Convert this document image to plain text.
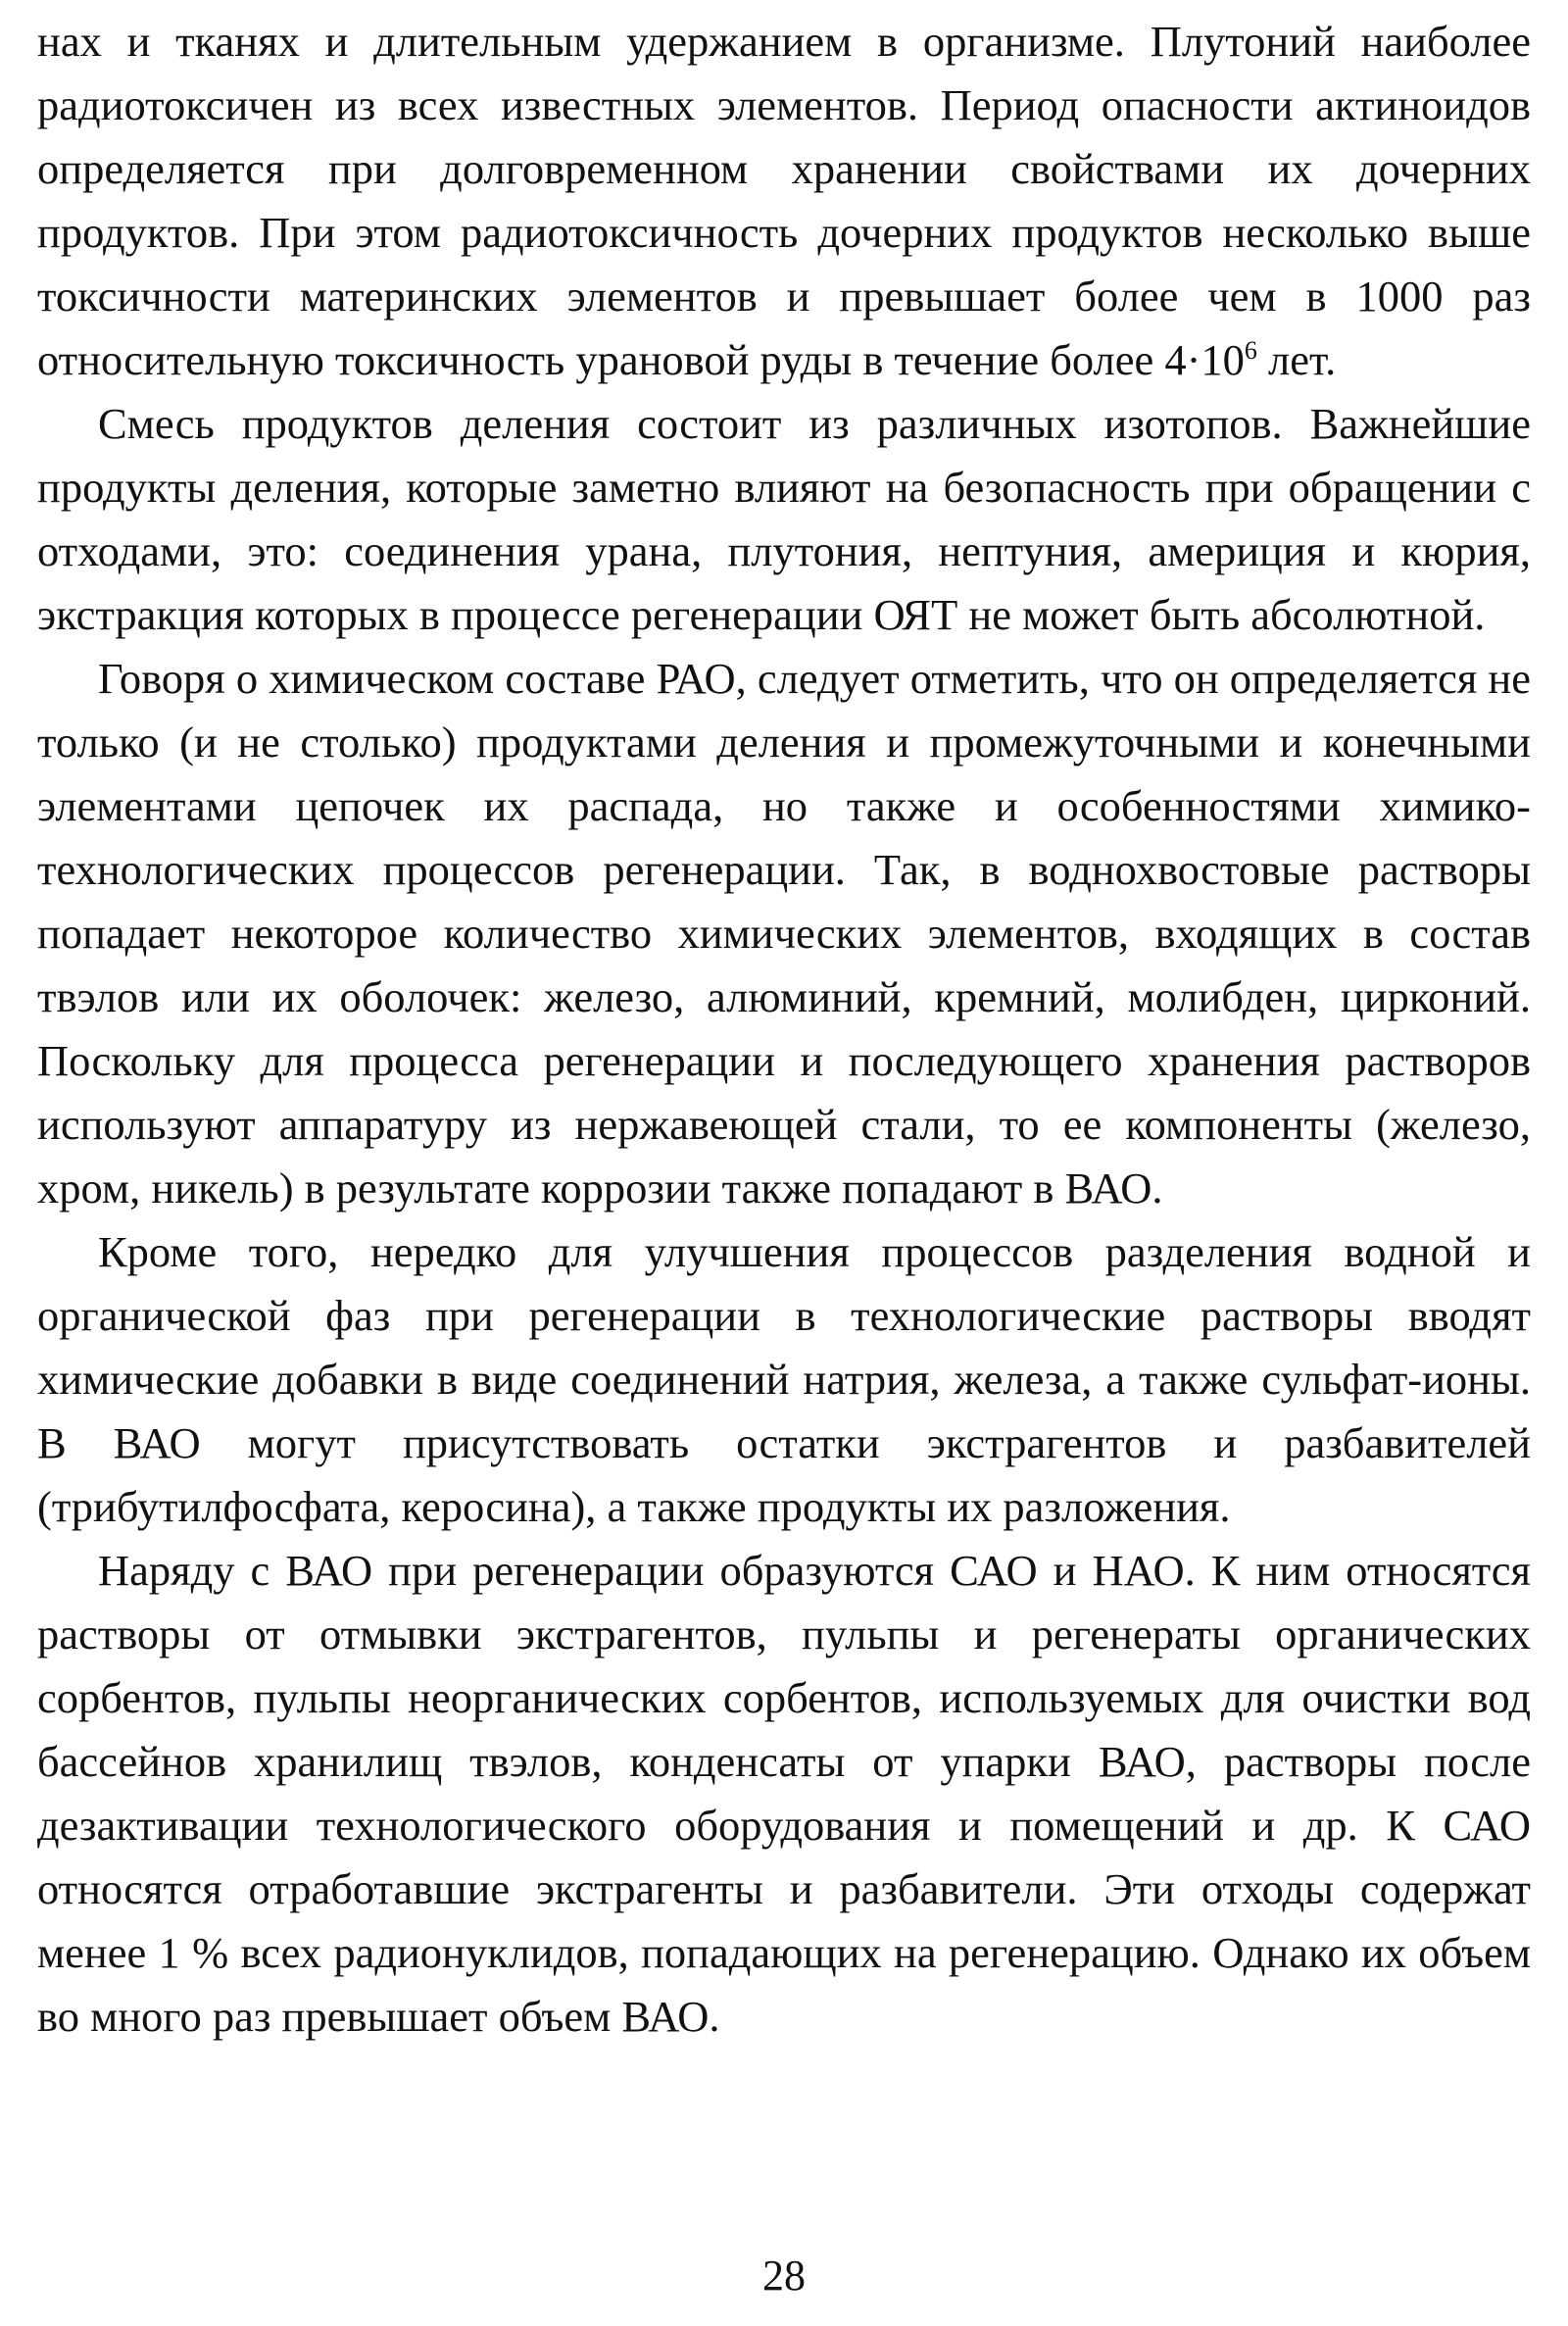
нах и тканях и длительным удержанием в организме. Плутоний наиболее радиотоксичен из всех известных элементов. Период опасности актиноидов определяется при долговременном хранении свойствами их дочерних продуктов. При этом радиотоксичность дочерних продуктов несколько выше токсичности материнских элементов и превышает более чем в 1000 раз относительную токсичность урановой руды в течение более $4\cdot 10^6$ лет.

Смесь продуктов деления состоит из различных изотопов. Важнейшие продукты деления, которые заметно влияют на безопасность при обращении с отходами, это: соединения урана, плутония, нептуния, америция и кюрия, экстракция которых в процессе регенерации ОЯТ не может быть абсолютной.

Говоря о химическом составе РАО, следует отметить, что он определяется не только (и не столько) продуктами деления и промежуточными и конечными элементами цепочек их распада, но также и особенностями химико-технологических процессов регенерации. Так, в воднохвостовые растворы попадает некоторое количество химических элементов, входящих в состав твэлов или их оболочек: железо, алюминий, кремний, молибден, цирконий. Поскольку для процесса регенерации и последующего хранения растворов используют аппаратуру из нержавеющей стали, то ее компоненты (железо, хром, никель) в результате коррозии также попадают в ВАО.

Кроме того, нередко для улучшения процессов разделения водной и органической фаз при регенерации в технологические растворы вводят химические добавки в виде соединений натрия, железа, а также сульфат-ионы. В ВАО могут присутствовать остатки экстрагентов и разбавителей (трибутилфосфата, керосина), а также продукты их разложения.

Наряду с ВАО при регенерации образуются САО и НАО. К ним относятся растворы от отмывки экстрагентов, пульпы и регенераты органических сорбентов, пульпы неорганических сорбентов, используемых для очистки вод бассейнов хранилищ твэлов, конденсаты от упарки ВАО, растворы после дезактивации технологического оборудования и помещений и др. К САО относятся отработавшие экстрагенты и разбавители. Эти отходы содержат менее 1 % всех радионуклидов, попадающих на регенерацию. Однако их объем во много раз превышает объем ВАО.

28
